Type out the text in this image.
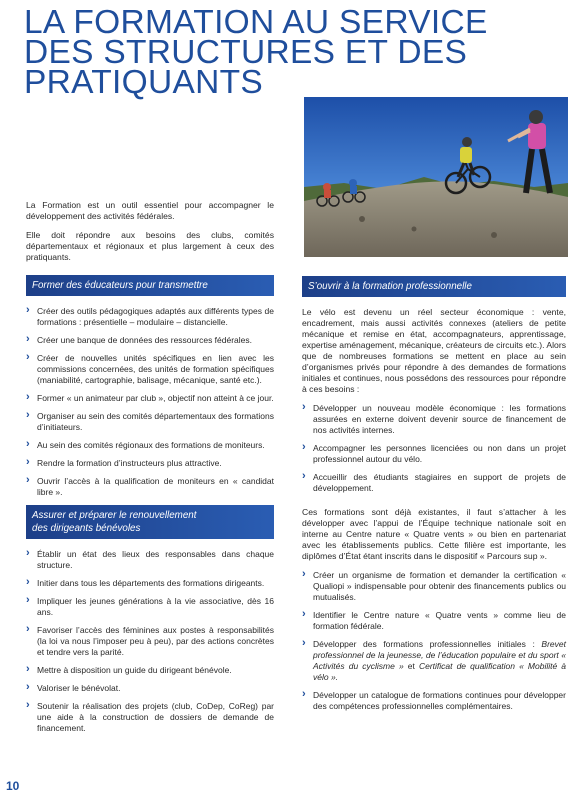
LA FORMATION AU SERVICE
DES STRUCTURES ET DES
PRATIQUANTS

La Formation est un outil essentiel pour accompagner le développement des activités fédérales.

Elle doit répondre aux besoins des clubs, comités départementaux et régionaux et plus largement à ceux des pratiquants.

Former des éducateurs pour transmettre
› Créer des outils pédagogiques adaptés aux différents types de formations : présentielle – modulaire – distancielle.
› Créer une banque de données des ressources fédérales.
› Créer de nouvelles unités spécifiques en lien avec les commissions concernées, des unités de formation spécifiques (maniabilité, cartographie, balisage, mécanique, santé etc.).
› Former « un animateur par club », objectif non atteint à ce jour.
› Organiser au sein des comités départementaux des formations d’initiateurs.
› Au sein des comités régionaux des formations de moniteurs.
› Rendre la formation d’instructeurs plus attractive.
› Ouvrir l’accès à la qualification de moniteurs en « candidat libre ».
Assurer et préparer le renouvellement
des dirigeants bénévoles
› Établir un état des lieux des responsables dans chaque structure.
› Initier dans tous les départements des formations dirigeants.
› Impliquer les jeunes générations à la vie associative, dès 16 ans.
› Favoriser l’accès des féminines aux postes à responsabilités (la loi va nous l’imposer peu à peu), par des actions concrètes et tendre vers la parité.
› Mettre à disposition un guide du dirigeant bénévole.
› Valoriser le bénévolat.
› Soutenir la réalisation des projets (club, CoDep, CoReg) par une aide à la construction de dossiers de demande de financement.
S’ouvrir à la formation professionnelle

Le vélo est devenu un réel secteur économique : vente, encadrement, mais aussi activités connexes (ateliers de petite mécanique et remise en état, accompagnateurs, apprentissage, expertise aménagement, mécanique, créateurs de circuits etc.). Alors que de nombreuses formations se mettent en place au sein d’organismes privés pour répondre à des demandes de formations initiales et continues, nous possédons des ressources pour répondre à ces besoins :

› Développer un nouveau modèle économique : les formations assurées en externe doivent devenir source de financement de nos activités internes.
› Accompagner les personnes licenciées ou non dans un projet professionnel autour du vélo.
› Accueillir des étudiants stagiaires en support de projets de développement.

Ces formations sont déjà existantes, il faut s’attacher à les développer avec l’appui de l’Équipe technique nationale soit en interne au Centre nature « Quatre vents » ou bien en partenariat avec les établissements publics. Cette filière est importante, les diplômes d’État étant inscrits dans le dispositif « Parcours sup ».

› Créer un organisme de formation et demander la certification « Qualiopi » indispensable pour obtenir des financements publics ou mutualisés.
› Identifier le Centre nature « Quatre vents » comme lieu de formation fédérale.
› Développer des formations professionnelles initiales : Brevet professionnel de la jeunesse, de l’éducation populaire et du sport « Activités du cyclisme » et Certificat de qualification « Mobilité à vélo ».
› Développer un catalogue de formations continues pour développer des compétences professionnelles complémentaires.
10
